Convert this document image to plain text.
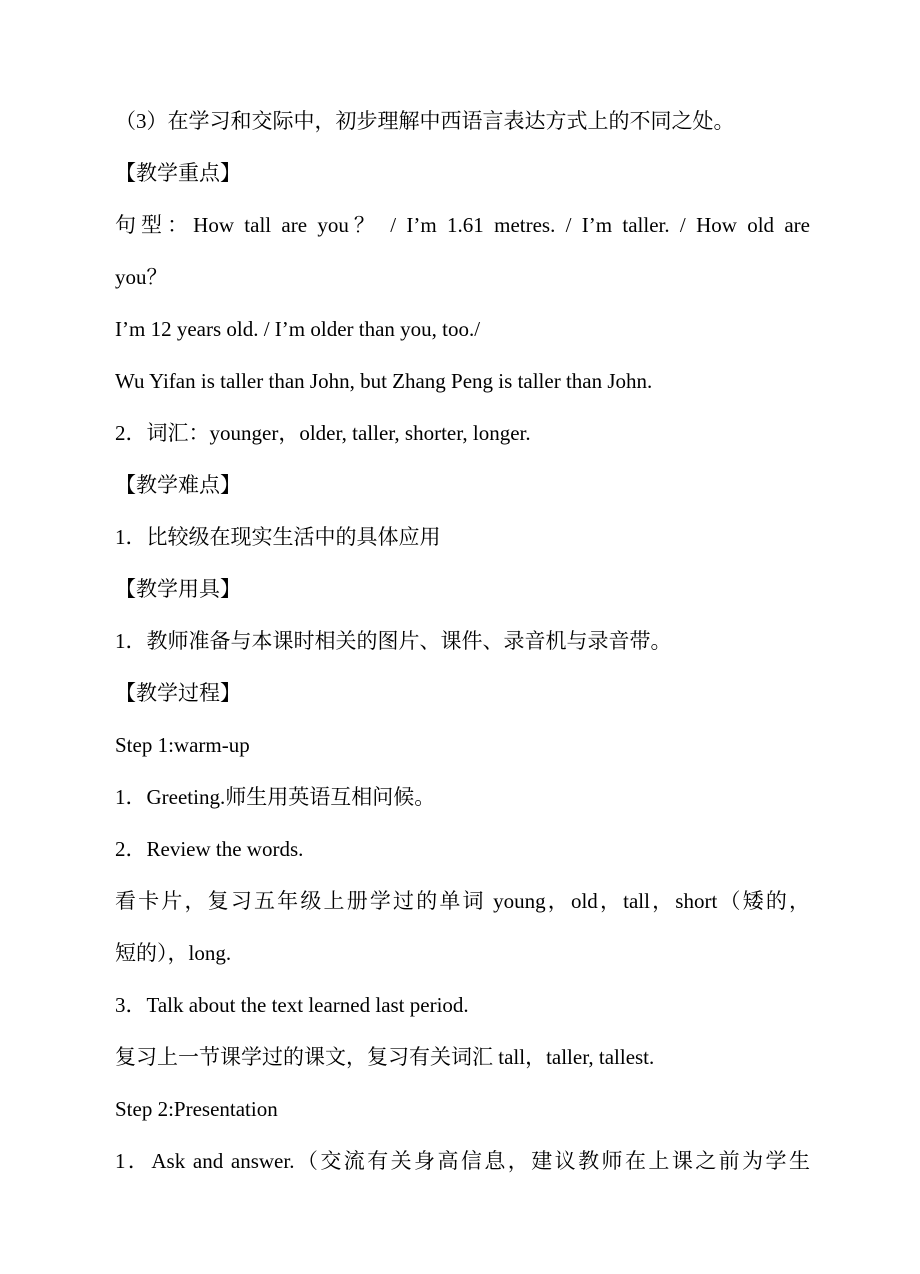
（3）在学习和交际中，初步理解中西语言表达方式上的不同之处。
【教学重点】
句型：How tall are you？ / I’m 1.61 metres. / I’m taller. / How old are
you？
I’m 12 years old. / I’m older than you, too./
Wu Yifan is taller than John, but Zhang Peng is taller than John.
2．词汇：younger，older, taller, shorter, longer.
【教学难点】
1．比较级在现实生活中的具体应用
【教学用具】
1．教师准备与本课时相关的图片、课件、录音机与录音带。
【教学过程】
Step 1:warm-up
1．Greeting.师生用英语互相问候。
2．Review the words.
看卡片，复习五年级上册学过的单词 young，old，tall，short（矮的，
短的），long.
3．Talk about the text learned last period.
复习上一节课学过的课文，复习有关词汇 tall，taller, tallest.
Step 2:Presentation
1．Ask and answer.（交流有关身高信息，建议教师在上课之前为学生
